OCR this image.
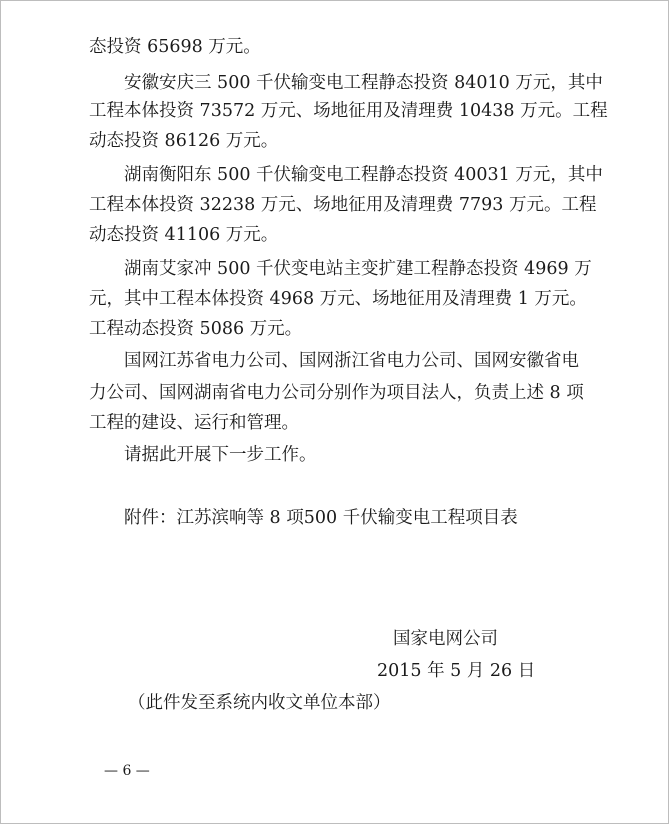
态投资 65698 万元。
安徽安庆三 500 千伏输变电工程静态投资 84010 万元，其中
工程本体投资 73572 万元、场地征用及清理费 10438 万元。工程
动态投资 86126 万元。
湖南衡阳东 500 千伏输变电工程静态投资 40031 万元，其中
工程本体投资 32238 万元、场地征用及清理费 7793 万元。工程
动态投资 41106 万元。
湖南艾家冲 500 千伏变电站主变扩建工程静态投资 4969 万
元，其中工程本体投资 4968 万元、场地征用及清理费 1 万元。
工程动态投资 5086 万元。
国网江苏省电力公司、国网浙江省电力公司、国网安徽省电
力公司、国网湖南省电力公司分别作为项目法人，负责上述 8 项
工程的建设、运行和管理。
请据此开展下一步工作。
附件：江苏滨响等 8 项500 千伏输变电工程项目表
国家电网公司
2015 年 5 月 26 日
（此件发至系统内收文单位本部）
— 6 —
